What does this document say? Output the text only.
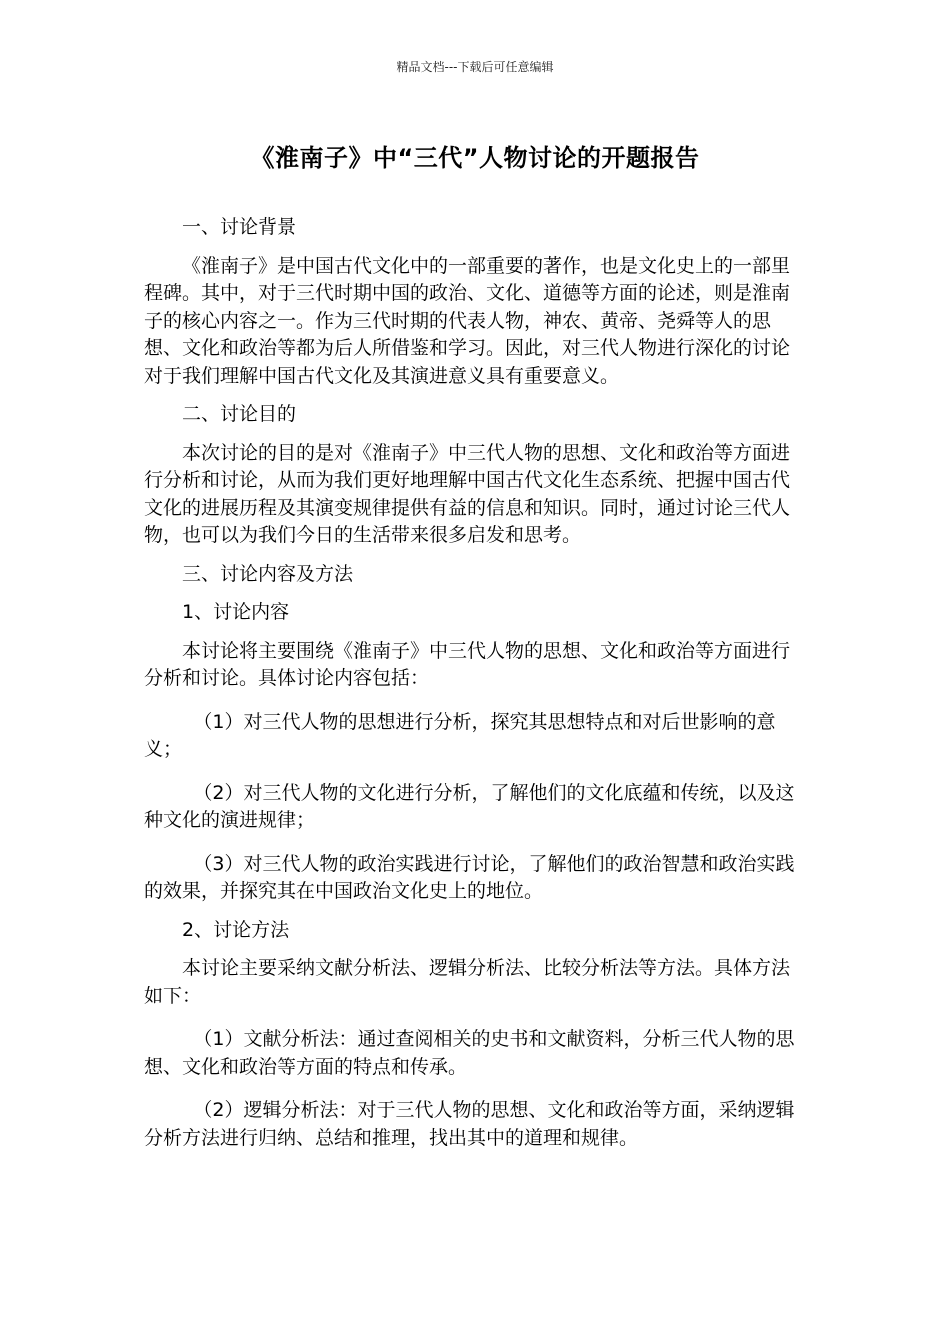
精品文档---下载后可任意编辑
《淮南子》中“三代”人物讨论的开题报告

一、讨论背景

《淮南子》是中国古代文化中的一部重要的著作，也是文化史上的一部里程碑。其中，对于三代时期中国的政治、文化、道德等方面的论述，则是淮南子的核心内容之一。作为三代时期的代表人物，神农、黄帝、尧舜等人的思想、文化和政治等都为后人所借鉴和学习。因此，对三代人物进行深化的讨论对于我们理解中国古代文化及其演进意义具有重要意义。

二、讨论目的

本次讨论的目的是对《淮南子》中三代人物的思想、文化和政治等方面进行分析和讨论，从而为我们更好地理解中国古代文化生态系统、把握中国古代文化的进展历程及其演变规律提供有益的信息和知识。同时，通过讨论三代人物，也可以为我们今日的生活带来很多启发和思考。

三、讨论内容及方法

1、讨论内容

本讨论将主要围绕《淮南子》中三代人物的思想、文化和政治等方面进行分析和讨论。具体讨论内容包括：

（1）对三代人物的思想进行分析，探究其思想特点和对后世影响的意义；

（2）对三代人物的文化进行分析，了解他们的文化底蕴和传统，以及这种文化的演进规律；

（3）对三代人物的政治实践进行讨论，了解他们的政治智慧和政治实践的效果，并探究其在中国政治文化史上的地位。

2、讨论方法

本讨论主要采纳文献分析法、逻辑分析法、比较分析法等方法。具体方法如下：

（1）文献分析法：通过查阅相关的史书和文献资料，分析三代人物的思想、文化和政治等方面的特点和传承。

（2）逻辑分析法：对于三代人物的思想、文化和政治等方面，采纳逻辑分析方法进行归纳、总结和推理，找出其中的道理和规律。
